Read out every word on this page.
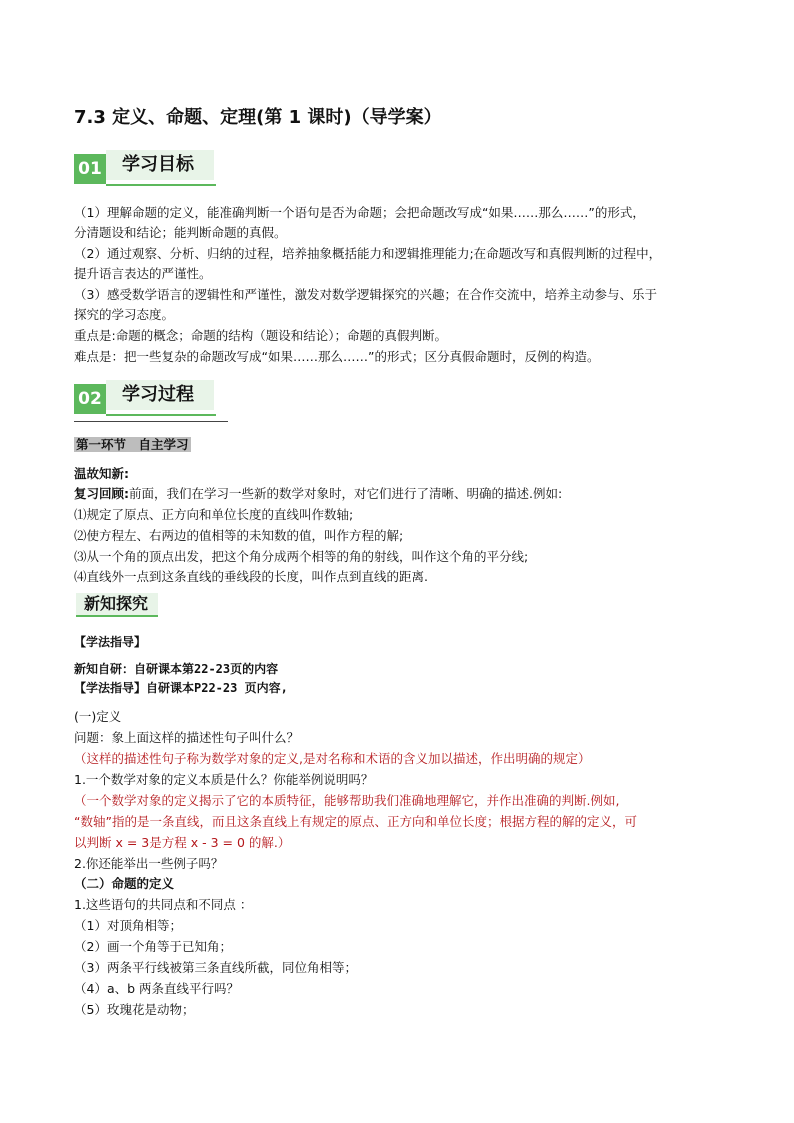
7.3 定义、命题、定理(第 1 课时)（导学案）
01	学习目标
（1）理解命题的定义，能准确判断一个语句是否为命题；会把命题改写成“如果……那么……”的形式，
分清题设和结论；能判断命题的真假。
（2）通过观察、分析、归纳的过程，培养抽象概括能力和逻辑推理能力;在命题改写和真假判断的过程中，
提升语言表达的严谨性。
（3）感受数学语言的逻辑性和严谨性，激发对数学逻辑探究的兴趣；在合作交流中，培养主动参与、乐于
探究的学习态度。
重点是:命题的概念；命题的结构（题设和结论）；命题的真假判断。
难点是：把一些复杂的命题改写成“如果……那么……”的形式；区分真假命题时，反例的构造。
02	学习过程
第一环节　自主学习
温故知新:
复习回顾:前面，我们在学习一些新的数学对象时，对它们进行了清晰、明确的描述.例如:
⑴规定了原点、正方向和单位长度的直线叫作数轴;
⑵使方程左、右两边的值相等的未知数的值，叫作方程的解;
⑶从一个角的顶点出发，把这个角分成两个相等的角的射线，叫作这个角的平分线;
⑷直线外一点到这条直线的垂线段的长度，叫作点到直线的距离.
新知探究
【学法指导】
新知自研：自研课本第22-23页的内容
【学法指导】自研课本P22-23 页内容,
(一)定义
问题：象上面这样的描述性句子叫什么？
（这样的描述性句子称为数学对象的定义,是对名称和术语的含义加以描述，作出明确的规定）
1.一个数学对象的定义本质是什么？你能举例说明吗？
（一个数学对象的定义揭示了它的本质特征，能够帮助我们准确地理解它，并作出准确的判断.例如,
“数轴”指的是一条直线，而且这条直线上有规定的原点、正方向和单位长度；根据方程的解的定义，可
以判断 x = 3是方程 x - 3 = 0 的解.）
2.你还能举出一些例子吗？
（二）命题的定义
1.这些语句的共同点和不同点 ：
（1）对顶角相等；
（2）画一个角等于已知角；
（3）两条平行线被第三条直线所截，同位角相等；
（4）a、b 两条直线平行吗？
（5）玫瑰花是动物；
